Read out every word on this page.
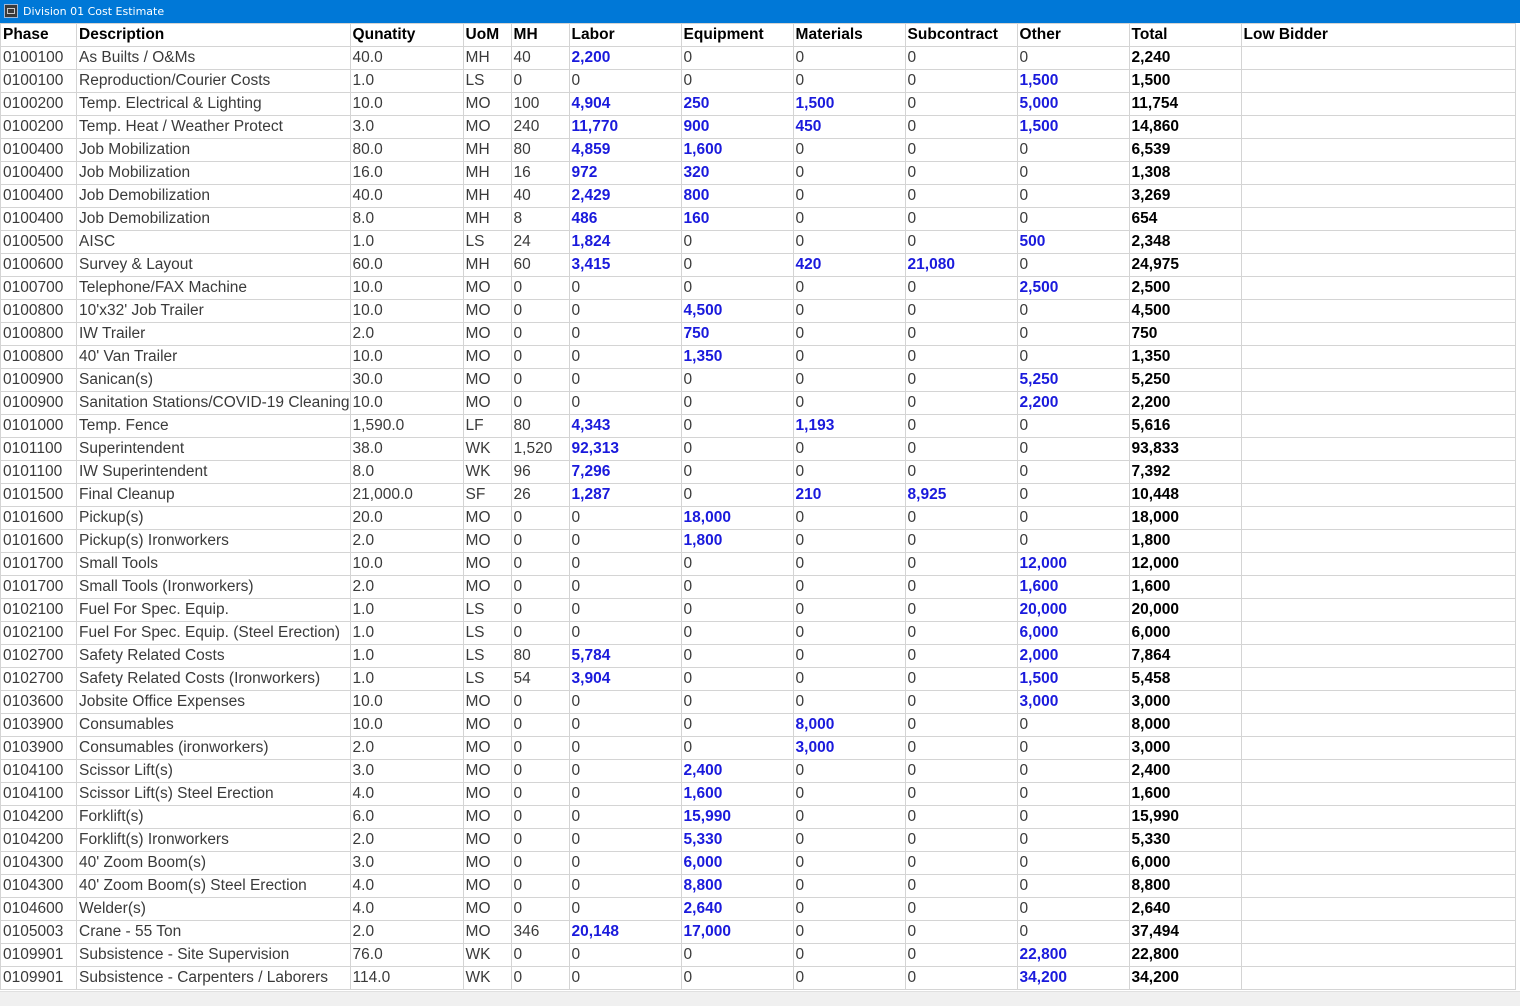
Division 01 Cost Estimate
Phase	Description	Qunatity	UoM	MH	Labor	Equipment	Materials	Subcontract	Other	Total	Low Bidder
0100100	As Builts / O&Ms	40.0	MH	40	2,200	0	0	0	0	2,240	
0100100	Reproduction/Courier Costs	1.0	LS	0	0	0	0	0	1,500	1,500	
0100200	Temp. Electrical & Lighting	10.0	MO	100	4,904	250	1,500	0	5,000	11,754	
0100200	Temp. Heat / Weather Protect	3.0	MO	240	11,770	900	450	0	1,500	14,860	
0100400	Job Mobilization	80.0	MH	80	4,859	1,600	0	0	0	6,539	
0100400	Job Mobilization	16.0	MH	16	972	320	0	0	0	1,308	
0100400	Job Demobilization	40.0	MH	40	2,429	800	0	0	0	3,269	
0100400	Job Demobilization	8.0	MH	8	486	160	0	0	0	654	
0100500	AISC	1.0	LS	24	1,824	0	0	0	500	2,348	
0100600	Survey & Layout	60.0	MH	60	3,415	0	420	21,080	0	24,975	
0100700	Telephone/FAX Machine	10.0	MO	0	0	0	0	0	2,500	2,500	
0100800	10'x32' Job Trailer	10.0	MO	0	0	4,500	0	0	0	4,500	
0100800	IW Trailer	2.0	MO	0	0	750	0	0	0	750	
0100800	40' Van Trailer	10.0	MO	0	0	1,350	0	0	0	1,350	
0100900	Sanican(s)	30.0	MO	0	0	0	0	0	5,250	5,250	
0100900	Sanitation Stations/COVID-19 Cleaning	10.0	MO	0	0	0	0	0	2,200	2,200	
0101000	Temp. Fence	1,590.0	LF	80	4,343	0	1,193	0	0	5,616	
0101100	Superintendent	38.0	WK	1,520	92,313	0	0	0	0	93,833	
0101100	IW Superintendent	8.0	WK	96	7,296	0	0	0	0	7,392	
0101500	Final Cleanup	21,000.0	SF	26	1,287	0	210	8,925	0	10,448	
0101600	Pickup(s)	20.0	MO	0	0	18,000	0	0	0	18,000	
0101600	Pickup(s) Ironworkers	2.0	MO	0	0	1,800	0	0	0	1,800	
0101700	Small Tools	10.0	MO	0	0	0	0	0	12,000	12,000	
0101700	Small Tools (Ironworkers)	2.0	MO	0	0	0	0	0	1,600	1,600	
0102100	Fuel For Spec. Equip.	1.0	LS	0	0	0	0	0	20,000	20,000	
0102100	Fuel For Spec. Equip. (Steel Erection)	1.0	LS	0	0	0	0	0	6,000	6,000	
0102700	Safety Related Costs	1.0	LS	80	5,784	0	0	0	2,000	7,864	
0102700	Safety Related Costs (Ironworkers)	1.0	LS	54	3,904	0	0	0	1,500	5,458	
0103600	Jobsite Office Expenses	10.0	MO	0	0	0	0	0	3,000	3,000	
0103900	Consumables	10.0	MO	0	0	0	8,000	0	0	8,000	
0103900	Consumables (ironworkers)	2.0	MO	0	0	0	3,000	0	0	3,000	
0104100	Scissor Lift(s)	3.0	MO	0	0	2,400	0	0	0	2,400	
0104100	Scissor Lift(s) Steel Erection	4.0	MO	0	0	1,600	0	0	0	1,600	
0104200	Forklift(s)	6.0	MO	0	0	15,990	0	0	0	15,990	
0104200	Forklift(s) Ironworkers	2.0	MO	0	0	5,330	0	0	0	5,330	
0104300	40' Zoom Boom(s)	3.0	MO	0	0	6,000	0	0	0	6,000	
0104300	40' Zoom Boom(s) Steel Erection	4.0	MO	0	0	8,800	0	0	0	8,800	
0104600	Welder(s)	4.0	MO	0	0	2,640	0	0	0	2,640	
0105003	Crane - 55 Ton	2.0	MO	346	20,148	17,000	0	0	0	37,494	
0109901	Subsistence - Site Supervision	76.0	WK	0	0	0	0	0	22,800	22,800	
0109901	Subsistence - Carpenters / Laborers	114.0	WK	0	0	0	0	0	34,200	34,200	
